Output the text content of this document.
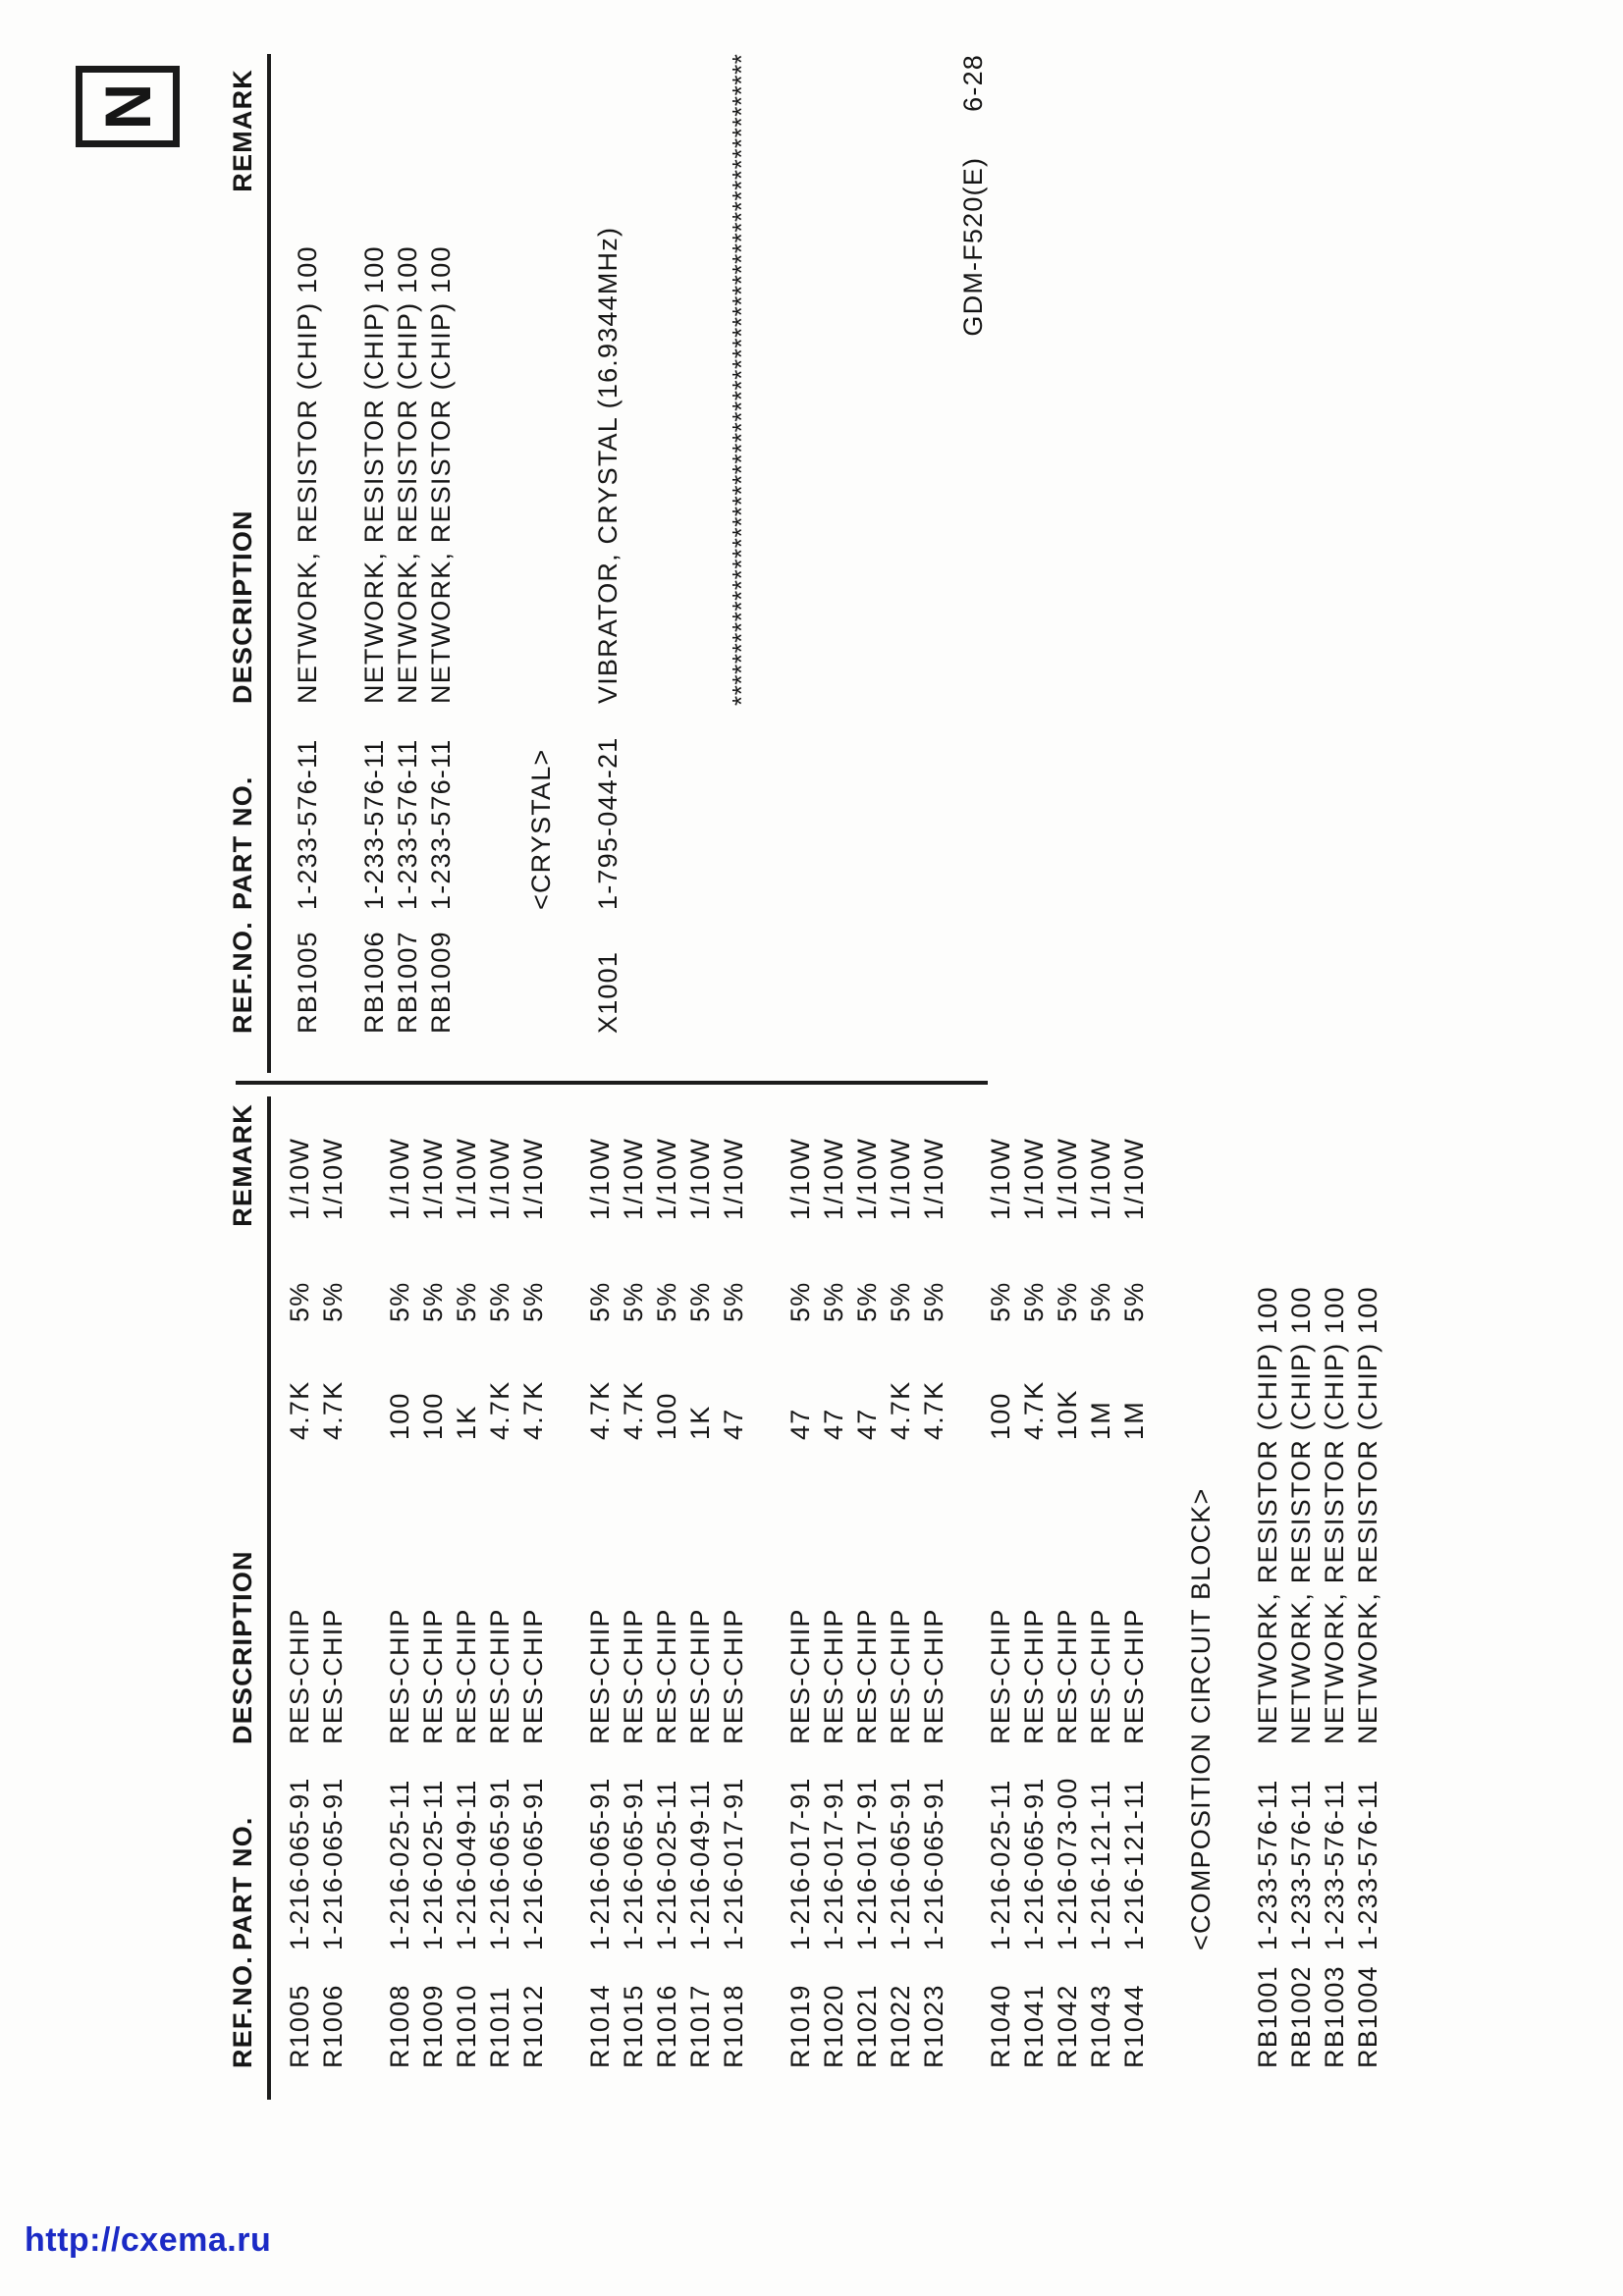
N
REF.NO.
PART NO.
DESCRIPTION
REMARK
R1005
1-216-065-91
RES-CHIP
4.7K
5%
1/10W
R1006
1-216-065-91
RES-CHIP
4.7K
5%
1/10W
R1008
1-216-025-11
RES-CHIP
100
5%
1/10W
R1009
1-216-025-11
RES-CHIP
100
5%
1/10W
R1010
1-216-049-11
RES-CHIP
1K
5%
1/10W
R1011
1-216-065-91
RES-CHIP
4.7K
5%
1/10W
R1012
1-216-065-91
RES-CHIP
4.7K
5%
1/10W
R1014
1-216-065-91
RES-CHIP
4.7K
5%
1/10W
R1015
1-216-065-91
RES-CHIP
4.7K
5%
1/10W
R1016
1-216-025-11
RES-CHIP
100
5%
1/10W
R1017
1-216-049-11
RES-CHIP
1K
5%
1/10W
R1018
1-216-017-91
RES-CHIP
47
5%
1/10W
R1019
1-216-017-91
RES-CHIP
47
5%
1/10W
R1020
1-216-017-91
RES-CHIP
47
5%
1/10W
R1021
1-216-017-91
RES-CHIP
47
5%
1/10W
R1022
1-216-065-91
RES-CHIP
4.7K
5%
1/10W
R1023
1-216-065-91
RES-CHIP
4.7K
5%
1/10W
R1040
1-216-025-11
RES-CHIP
100
5%
1/10W
R1041
1-216-065-91
RES-CHIP
4.7K
5%
1/10W
R1042
1-216-073-00
RES-CHIP
10K
5%
1/10W
R1043
1-216-121-11
RES-CHIP
1M
5%
1/10W
R1044
1-216-121-11
RES-CHIP
1M
5%
1/10W
<COMPOSITION CIRCUIT BLOCK>
RB1001
1-233-576-11
NETWORK, RESISTOR (CHIP) 100
RB1002
1-233-576-11
NETWORK, RESISTOR (CHIP) 100
RB1003
1-233-576-11
NETWORK, RESISTOR (CHIP) 100
RB1004
1-233-576-11
NETWORK, RESISTOR (CHIP) 100
REF.NO.
PART NO.
DESCRIPTION
REMARK
RB1005
1-233-576-11
NETWORK, RESISTOR (CHIP) 100
RB1006
1-233-576-11
NETWORK, RESISTOR (CHIP) 100
RB1007
1-233-576-11
NETWORK, RESISTOR (CHIP) 100
RB1009
1-233-576-11
NETWORK, RESISTOR (CHIP) 100
<CRYSTAL>
X1001
1-795-044-21
VIBRATOR, CRYSTAL (16.9344MHz)	**************************************************************	GDM-F520(E)6-28
http://cxema.ru
